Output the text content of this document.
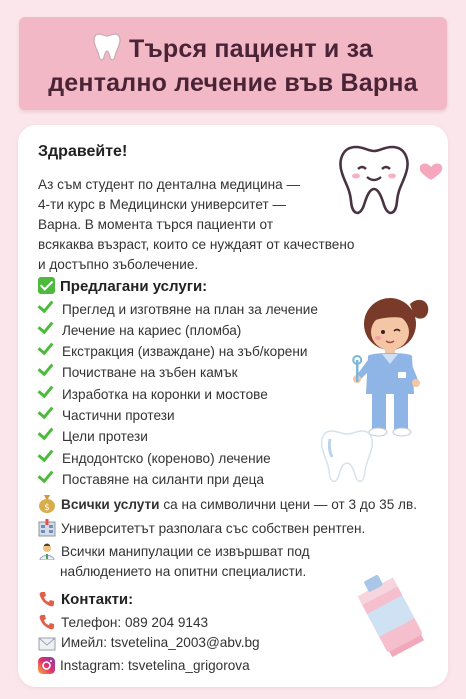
Търся пациент и за
дентално лечение във Варна
Здравейте!
Аз съм студент по дентална медицина —
4-ти курс в Медицински университет —
Варна. В момента търся пациенти от
всякаква възраст, които се нуждаят от качествено
и достъпно зъболечение.
Предлагани услуги:
Преглед и изготвяне на план за лечение
Лечение на кариес (пломба)
Екстракция (изваждане) на зъб/корени
Почистване на зъбен камък
Изработка на коронки и мостове
Частични протези
Цели протези
Ендодонтско (кореново) лечение
Поставяне на силанти при деца
$ Всички услути са на символични цени — от 3 до 35 лв.
Университетът разполага със собствен рентген.
Всички манипулации се извършват под
наблюдението на опитни специалисти.
Контакти:
Телефон: 089 204 9143
Имейл: tsvetelina_2003@abv.bg
Instagram: tsvetelina_grigorova
